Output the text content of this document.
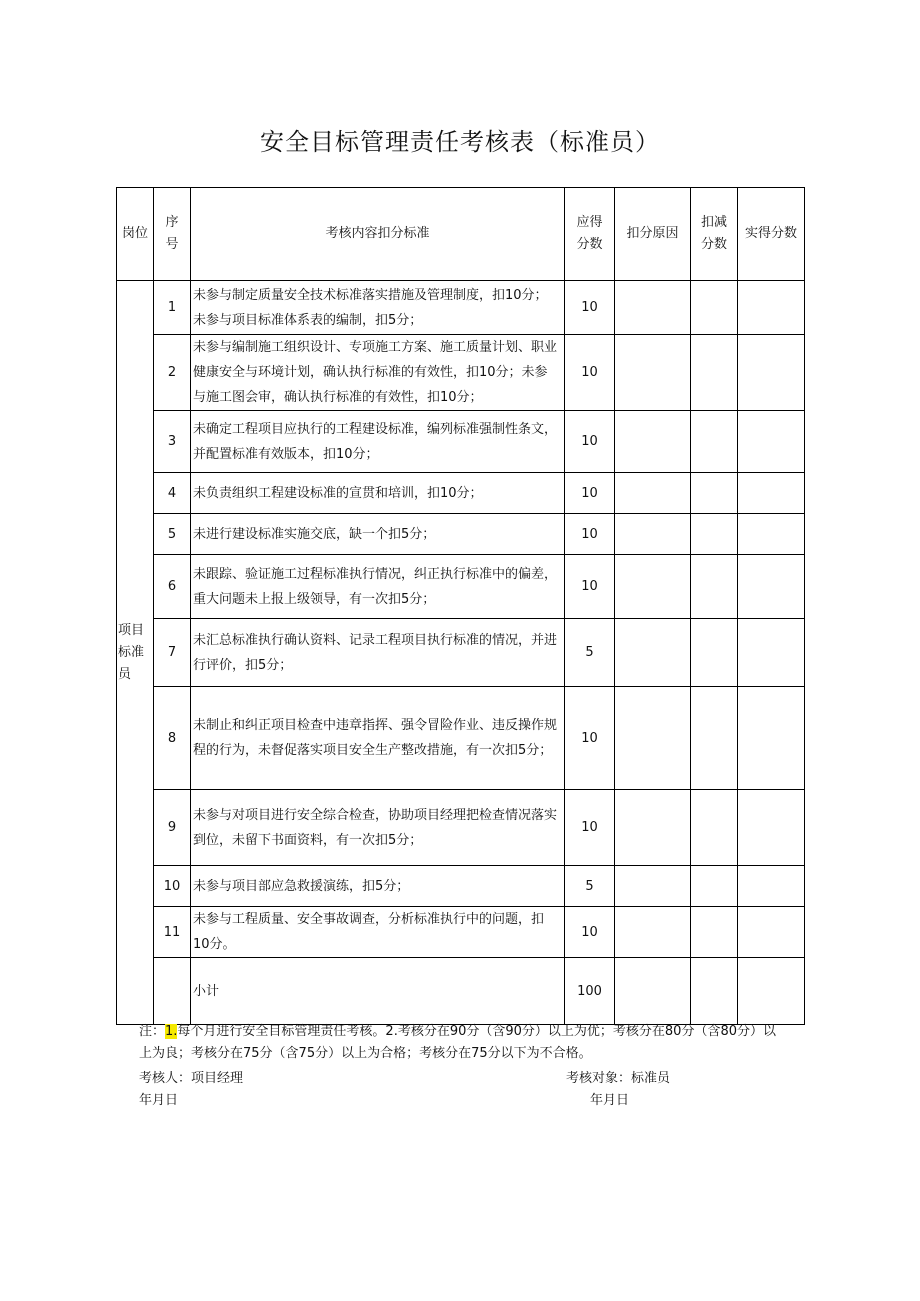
安全目标管理责任考核表（标准员）
岗位	序号	考核内容扣分标准	应得分数	扣分原因	扣减分数	实得分数

项目标准员	1	未参与制定质量安全技术标准落实措施及管理制度，扣10分；未参与项目标准体系表的编制，扣5分；	10			
	2	未参与编制施工组织设计、专项施工方案、施工质量计划、职业健康安全与环境计划，确认执行标准的有效性，扣10分；未参与施工图会审，确认执行标准的有效性，扣10分；	10			
	3	未确定工程项目应执行的工程建设标准，编列标准强制性条文，并配置标准有效版本，扣10分；	10			
	4	未负责组织工程建设标准的宣贯和培训，扣10分；	10			
	5	未进行建设标准实施交底，缺一个扣5分；	10			
	6	未跟踪、验证施工过程标准执行情况，纠正执行标准中的偏差，重大问题未上报上级领导，有一次扣5分；	10			
	7	未汇总标准执行确认资料、记录工程项目执行标准的情况，并进行评价，扣5分；	5			
	8	未制止和纠正项目检查中违章指挥、强令冒险作业、违反操作规程的行为，未督促落实项目安全生产整改措施，有一次扣5分；	10			
	9	未参与对项目进行安全综合检查，协助项目经理把检查情况落实到位，未留下书面资料，有一次扣5分；	10			
	10	未参与项目部应急救援演练，扣5分；	5			
	11	未参与工程质量、安全事故调查，分析标准执行中的问题，扣10分。	10			
		小计	100			
注：1.每个月进行安全目标管理责任考核。2.考核分在90分（含90分）以上为优；考核分在80分（含80分）以上为良；考核分在75分（含75分）以上为合格；考核分在75分以下为不合格。
考核人：项目经理	考核对象：标准员
年月日	年月日
